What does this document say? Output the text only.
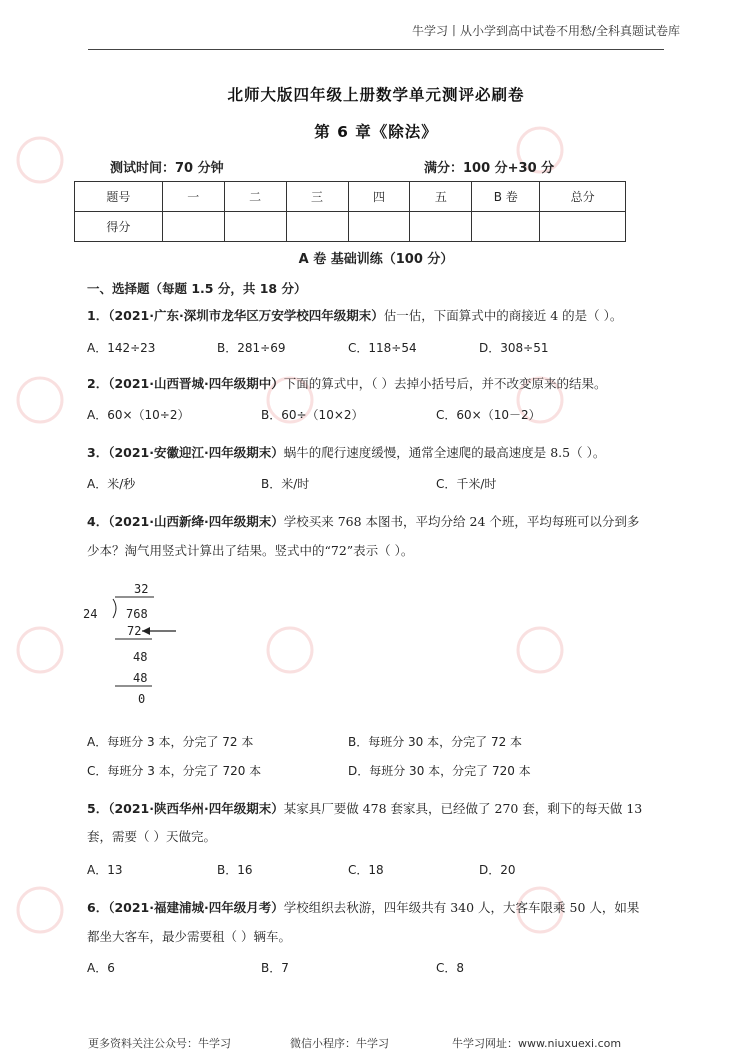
牛学习丨从小学到高中试卷不用愁/全科真题试卷库
北师大版四年级上册数学单元测评必刷卷
第 6 章《除法》
测试时间：70 分钟	满分：100 分+30 分
题号	一	二	三	四	五	B 卷	总分
得分							
A 卷 基础训练（100 分）
一、选择题（每题 1.5 分，共 18 分）
1．（2021·广东·深圳市龙华区万安学校四年级期末）估一估，下面算式中的商接近 4 的是（ ）。
A．142÷23	B．281÷69	C．118÷54	D．308÷51
2．（2021·山西晋城·四年级期中）下面的算式中，（ ）去掉小括号后，并不改变原来的结果。
A．60×（10÷2）	B．60÷（10×2）	C．60×（10－2）
3．（2021·安徽迎江·四年级期末）蜗牛的爬行速度缓慢，通常全速爬的最高速度是 8.5（ ）。
A．米/秒	B．米/时	C．千米/时
4．（2021·山西新绛·四年级期末）学校买来 768 本图书，平均分给 24 个班，平均每班可以分到多
少本？淘气用竖式计算出了结果。竖式中的“72”表示（ ）。
32
24 768
72
48
48
0
A．每班分 3 本，分完了 72 本	B．每班分 30 本，分完了 72 本
C．每班分 3 本，分完了 720 本	D．每班分 30 本，分完了 720 本
5．（2021·陕西华州·四年级期末）某家具厂要做 478 套家具，已经做了 270 套，剩下的每天做 13
套，需要（ ）天做完。
A．13	B．16	C．18	D．20
6．（2021·福建浦城·四年级月考）学校组织去秋游，四年级共有 340 人，大客车限乘 50 人，如果
都坐大客车，最少需要租（ ）辆车。
A．6	B．7	C．8
更多资料关注公众号：牛学习	微信小程序：牛学习	牛学习网址：www.niuxuexi.com
